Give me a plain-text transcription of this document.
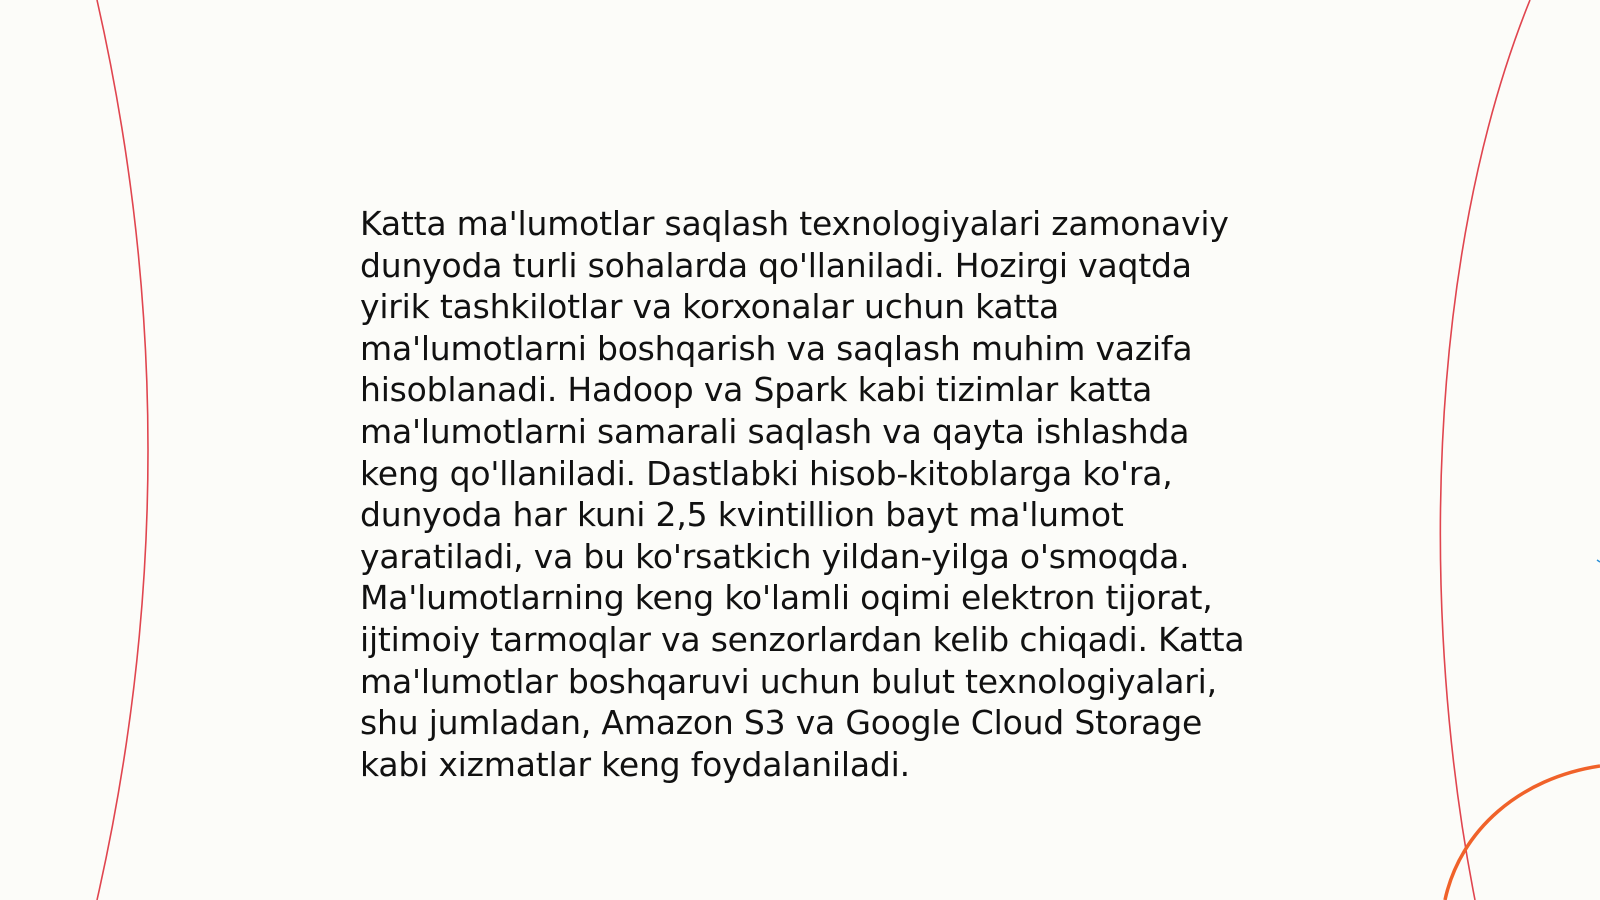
Katta ma'lumotlar saqlash texnologiyalari zamonaviy
dunyoda turli sohalarda qo'llaniladi. Hozirgi vaqtda
yirik tashkilotlar va korxonalar uchun katta
ma'lumotlarni boshqarish va saqlash muhim vazifa
hisoblanadi. Hadoop va Spark kabi tizimlar katta
ma'lumotlarni samarali saqlash va qayta ishlashda
keng qo'llaniladi. Dastlabki hisob-kitoblarga ko'ra,
dunyoda har kuni 2,5 kvintillion bayt ma'lumot
yaratiladi, va bu ko'rsatkich yildan-yilga o'smoqda.
Ma'lumotlarning keng ko'lamli oqimi elektron tijorat,
ijtimoiy tarmoqlar va senzorlardan kelib chiqadi. Katta
ma'lumotlar boshqaruvi uchun bulut texnologiyalari,
shu jumladan, Amazon S3 va Google Cloud Storage
kabi xizmatlar keng foydalaniladi.
